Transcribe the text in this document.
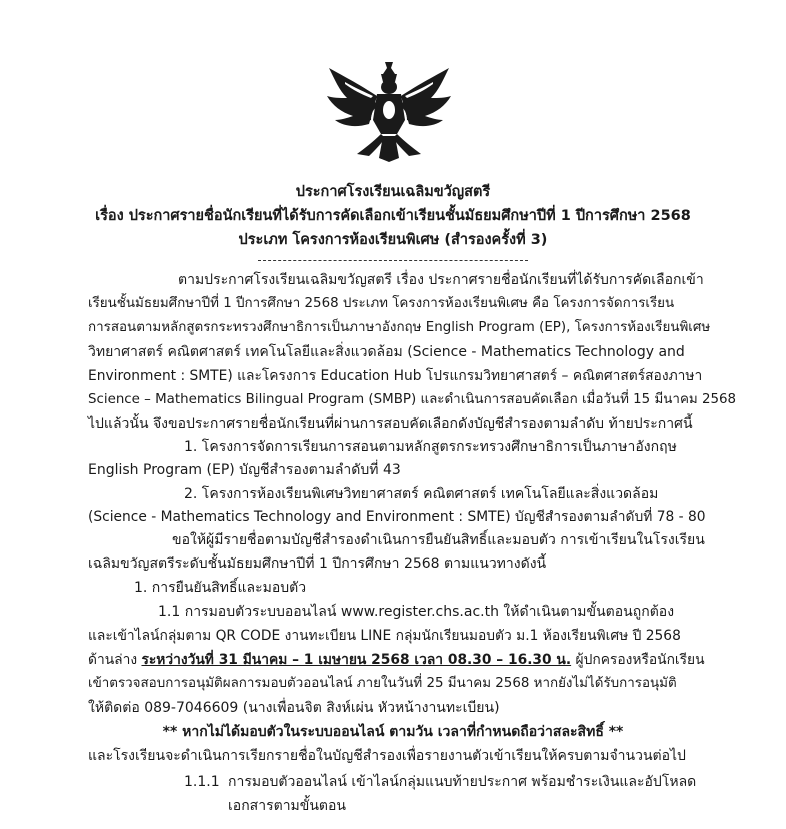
ประกาศโรงเรียนเฉลิมขวัญสตรี
เรื่อง ประกาศรายชื่อนักเรียนที่ได้รับการคัดเลือกเข้าเรียนชั้นมัธยมศึกษาปีที่ 1 ปีการศึกษา 2568
ประเภท โครงการห้องเรียนพิเศษ (สำรองครั้งที่ 3)
ตามประกาศโรงเรียนเฉลิมขวัญสตรี เรื่อง ประกาศรายชื่อนักเรียนที่ได้รับการคัดเลือกเข้า
เรียนชั้นมัธยมศึกษาปีที่ 1 ปีการศึกษา 2568 ประเภท โครงการห้องเรียนพิเศษ คือ โครงการจัดการเรียน
การสอนตามหลักสูตรกระทรวงศึกษาธิการเป็นภาษาอังกฤษ English Program (EP), โครงการห้องเรียนพิเศษ
วิทยาศาสตร์ คณิตศาสตร์ เทคโนโลยีและสิ่งแวดล้อม (Science - Mathematics Technology and
Environment : SMTE) และโครงการ Education Hub โปรแกรมวิทยาศาสตร์ – คณิตศาสตร์สองภาษา
Science – Mathematics Bilingual Program (SMBP) และดำเนินการสอบคัดเลือก เมื่อวันที่ 15 มีนาคม 2568
ไปแล้วนั้น จึงขอประกาศรายชื่อนักเรียนที่ผ่านการสอบคัดเลือกดังบัญชีสำรองตามลำดับ ท้ายประกาศนี้
1. โครงการจัดการเรียนการสอนตามหลักสูตรกระทรวงศึกษาธิการเป็นภาษาอังกฤษ
English Program (EP) บัญชีสำรองตามลำดับที่ 43
2. โครงการห้องเรียนพิเศษวิทยาศาสตร์ คณิตศาสตร์ เทคโนโลยีและสิ่งแวดล้อม
(Science - Mathematics Technology and Environment : SMTE) บัญชีสำรองตามลำดับที่ 78 - 80
ขอให้ผู้มีรายชื่อตามบัญชีสำรองดำเนินการยืนยันสิทธิ์และมอบตัว การเข้าเรียนในโรงเรียน
เฉลิมขวัญสตรีระดับชั้นมัธยมศึกษาปีที่ 1 ปีการศึกษา 2568 ตามแนวทางดังนี้
1. การยืนยันสิทธิ์และมอบตัว
1.1 การมอบตัวระบบออนไลน์ www.register.chs.ac.th ให้ดำเนินตามขั้นตอนถูกต้อง
และเข้าไลน์กลุ่มตาม QR CODE งานทะเบียน LINE กลุ่มนักเรียนมอบตัว ม.1 ห้องเรียนพิเศษ ปี 2568
ด้านล่าง ระหว่างวันที่ 31 มีนาคม – 1 เมษายน 2568 เวลา 08.30 – 16.30 น. ผู้ปกครองหรือนักเรียน
เข้าตรวจสอบการอนุมัติผลการมอบตัวออนไลน์ ภายในวันที่ 25 มีนาคม 2568 หากยังไม่ได้รับการอนุมัติ
ให้ติดต่อ 089-7046609 (นางเพื่อนจิต สิงห์เผ่น หัวหน้างานทะเบียน)
** หากไม่ได้มอบตัวในระบบออนไลน์ ตามวัน เวลาที่กำหนดถือว่าสละสิทธิ์ **
และโรงเรียนจะดำเนินการเรียกรายชื่อในบัญชีสำรองเพื่อรายงานตัวเข้าเรียนให้ครบตามจำนวนต่อไป
1.1.1 การมอบตัวออนไลน์ เข้าไลน์กลุ่มแนบท้ายประกาศ พร้อมชำระเงินและอัปโหลด
เอกสารตามขั้นตอน
